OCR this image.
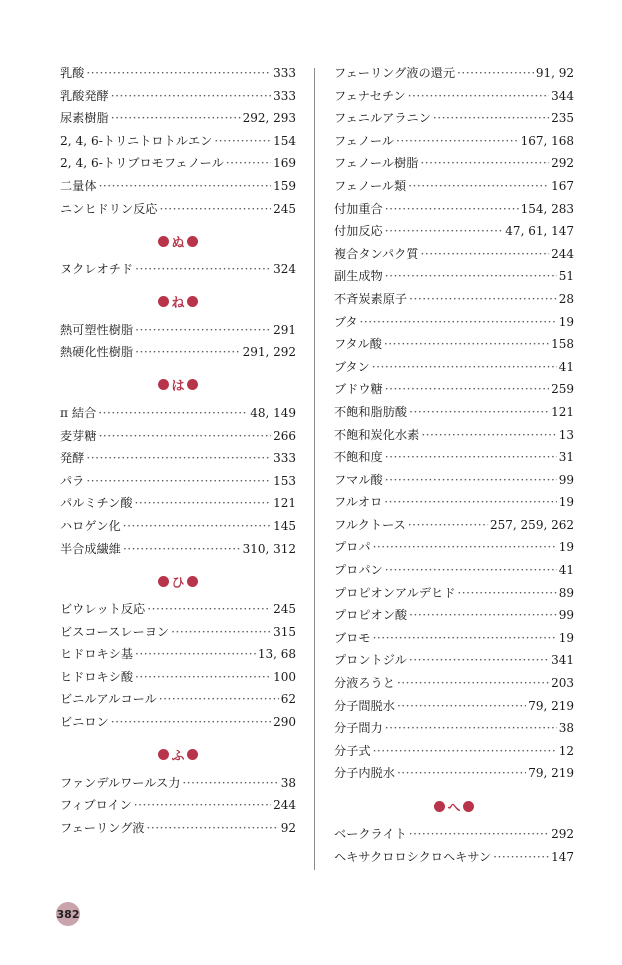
乳酸 ·····	333
乳酸発酵 ·····	333
尿素樹脂 ·····	292, 293
2, 4, 6-トリニトロトルエン ·····	154
2, 4, 6-トリブロモフェノール ·····	169
二量体 ·····	159
ニンヒドリン反応 ·····	245
ぬ
ヌクレオチド ·····	324
ね
熱可塑性樹脂 ·····	291
熱硬化性樹脂 ·····	291, 292
は
π 結合 ·····	48, 149
麦芽糖 ·····	266
発酵 ·····	333
パラ ·····	153
パルミチン酸 ·····	121
ハロゲン化 ·····	145
半合成繊維 ·····	310, 312
ひ
ビウレット反応 ·····	245
ビスコースレーヨン ·····	315
ヒドロキシ基 ·····	13, 68
ヒドロキシ酸 ·····	100
ビニルアルコール ·····	62
ビニロン ·····	290
ふ
ファンデルワールス力 ·····	38
フィブロイン ·····	244
フェーリング液 ·····	92
フェーリング液の還元 ·····	91, 92
フェナセチン ·····	344
フェニルアラニン ·····	235
フェノール ·····	167, 168
フェノール樹脂 ·····	292
フェノール類 ·····	167
付加重合 ·····	154, 283
付加反応 ·····	47, 61, 147
複合タンパク質 ·····	244
副生成物 ·····	51
不斉炭素原子 ·····	28
ブタ ·····	19
フタル酸 ·····	158
ブタン ·····	41
ブドウ糖 ·····	259
不飽和脂肪酸 ·····	121
不飽和炭化水素 ·····	13
不飽和度 ·····	31
フマル酸 ·····	99
フルオロ ·····	19
フルクトース ·····	257, 259, 262
プロパ ·····	19
プロパン ·····	41
プロピオンアルデヒド ·····	89
プロピオン酸 ·····	99
ブロモ ·····	19
プロントジル ·····	341
分液ろうと ·····	203
分子間脱水 ·····	79, 219
分子間力 ·····	38
分子式 ·····	12
分子内脱水 ·····	79, 219
へ
ベークライト ·····	292
ヘキサクロロシクロヘキサン ·····	147
382
